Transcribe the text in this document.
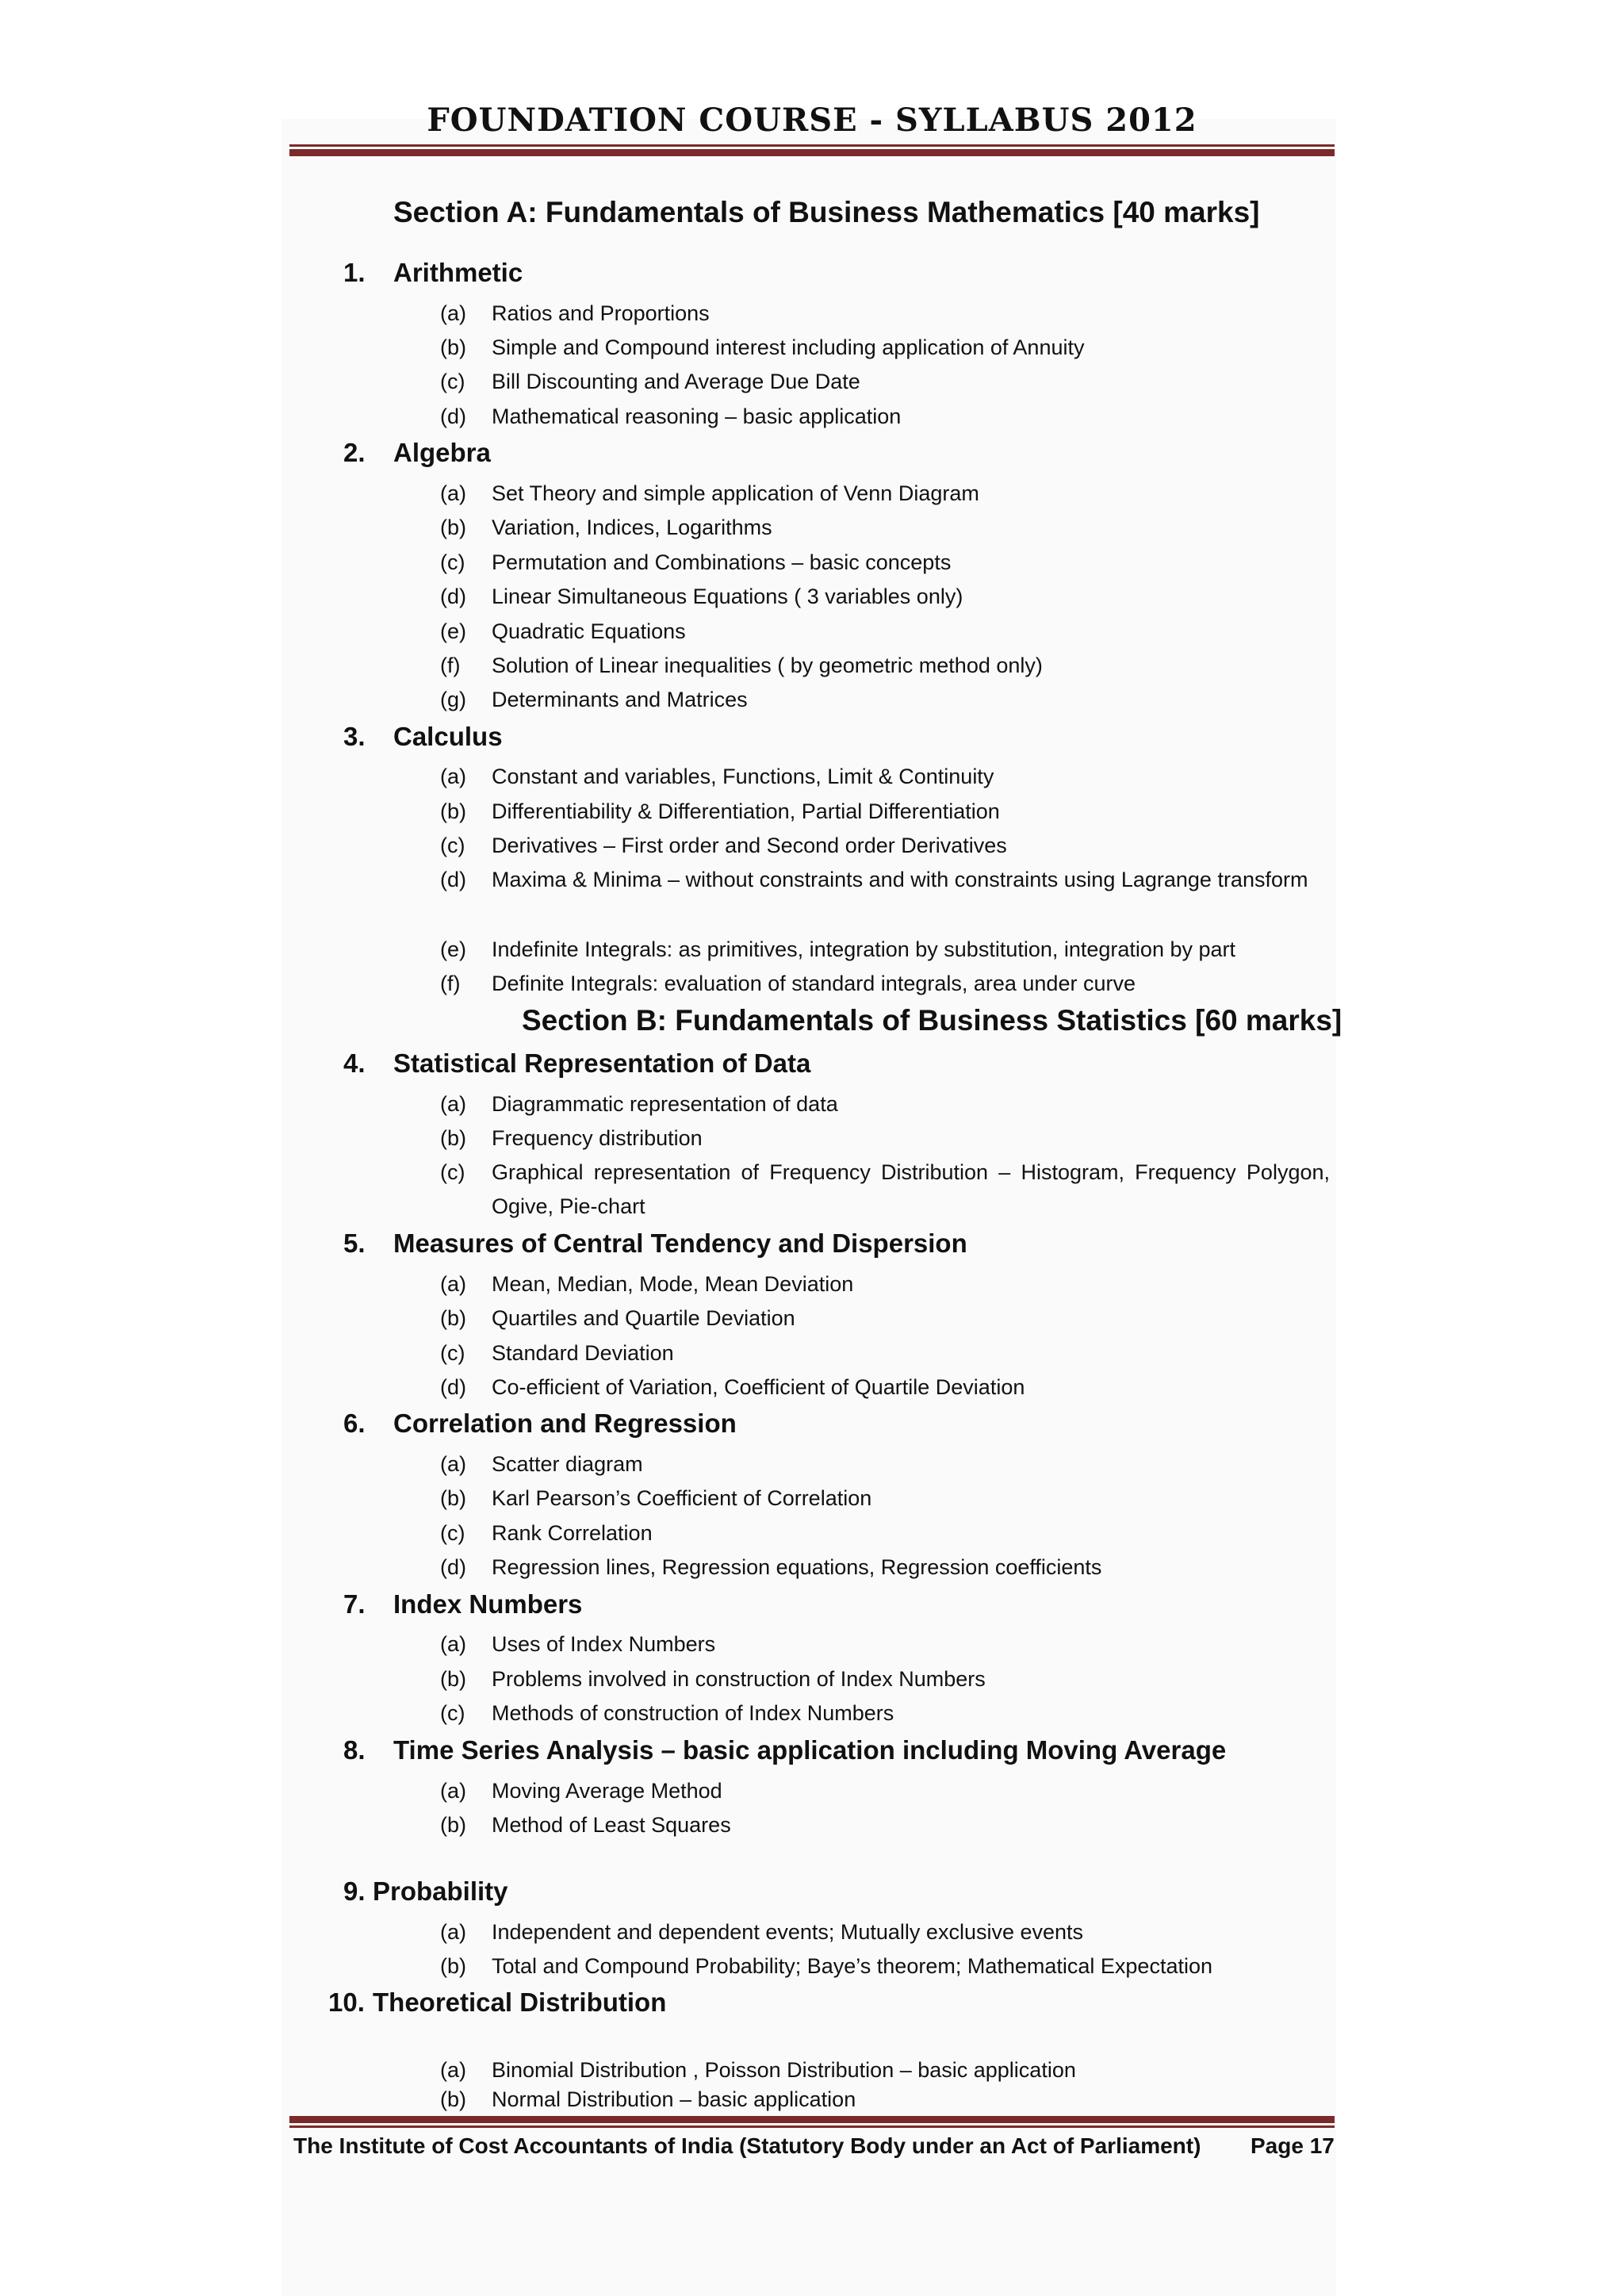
FOUNDATION COURSE - SYLLABUS 2012
Section A: Fundamentals of Business Mathematics [40 marks]
1. Arithmetic
(a) Ratios and Proportions
(b) Simple and Compound interest including application of Annuity
(c) Bill Discounting and Average Due Date
(d) Mathematical reasoning – basic application
2. Algebra
(a) Set Theory and simple application of Venn Diagram
(b) Variation, Indices, Logarithms
(c) Permutation and Combinations – basic concepts
(d) Linear Simultaneous Equations ( 3 variables only)
(e) Quadratic Equations
(f) Solution of Linear inequalities ( by geometric method only)
(g) Determinants and Matrices
3. Calculus
(a) Constant and variables, Functions, Limit & Continuity
(b) Differentiability & Differentiation, Partial Differentiation
(c) Derivatives – First order and Second order Derivatives
(d) Maxima & Minima – without constraints and with constraints using Lagrange transform
(e) Indefinite Integrals: as primitives, integration by substitution, integration by part
(f) Definite Integrals: evaluation of standard integrals, area under curve
Section B: Fundamentals of Business Statistics [60 marks]
4. Statistical Representation of Data
(a) Diagrammatic representation of data
(b) Frequency distribution
(c) Graphical representation of Frequency Distribution – Histogram, Frequency Polygon, Ogive, Pie-chart
5. Measures of Central Tendency and Dispersion
(a) Mean, Median, Mode, Mean Deviation
(b) Quartiles and Quartile Deviation
(c) Standard Deviation
(d) Co-efficient of Variation, Coefficient of Quartile Deviation
6. Correlation and Regression
(a) Scatter diagram
(b) Karl Pearson’s Coefficient of Correlation
(c) Rank Correlation
(d) Regression lines, Regression equations, Regression coefficients
7. Index Numbers
(a) Uses of Index Numbers
(b) Problems involved in construction of Index Numbers
(c) Methods of construction of Index Numbers
8. Time Series Analysis – basic application including Moving Average
(a) Moving Average Method
(b) Method of Least Squares
9. Probability
(a) Independent and dependent events; Mutually exclusive events
(b) Total and Compound Probability; Baye’s theorem; Mathematical Expectation
10. Theoretical Distribution
(a) Binomial Distribution , Poisson Distribution – basic application
(b) Normal Distribution – basic application
The Institute of Cost Accountants of India (Statutory Body under an Act of Parliament) Page 17
